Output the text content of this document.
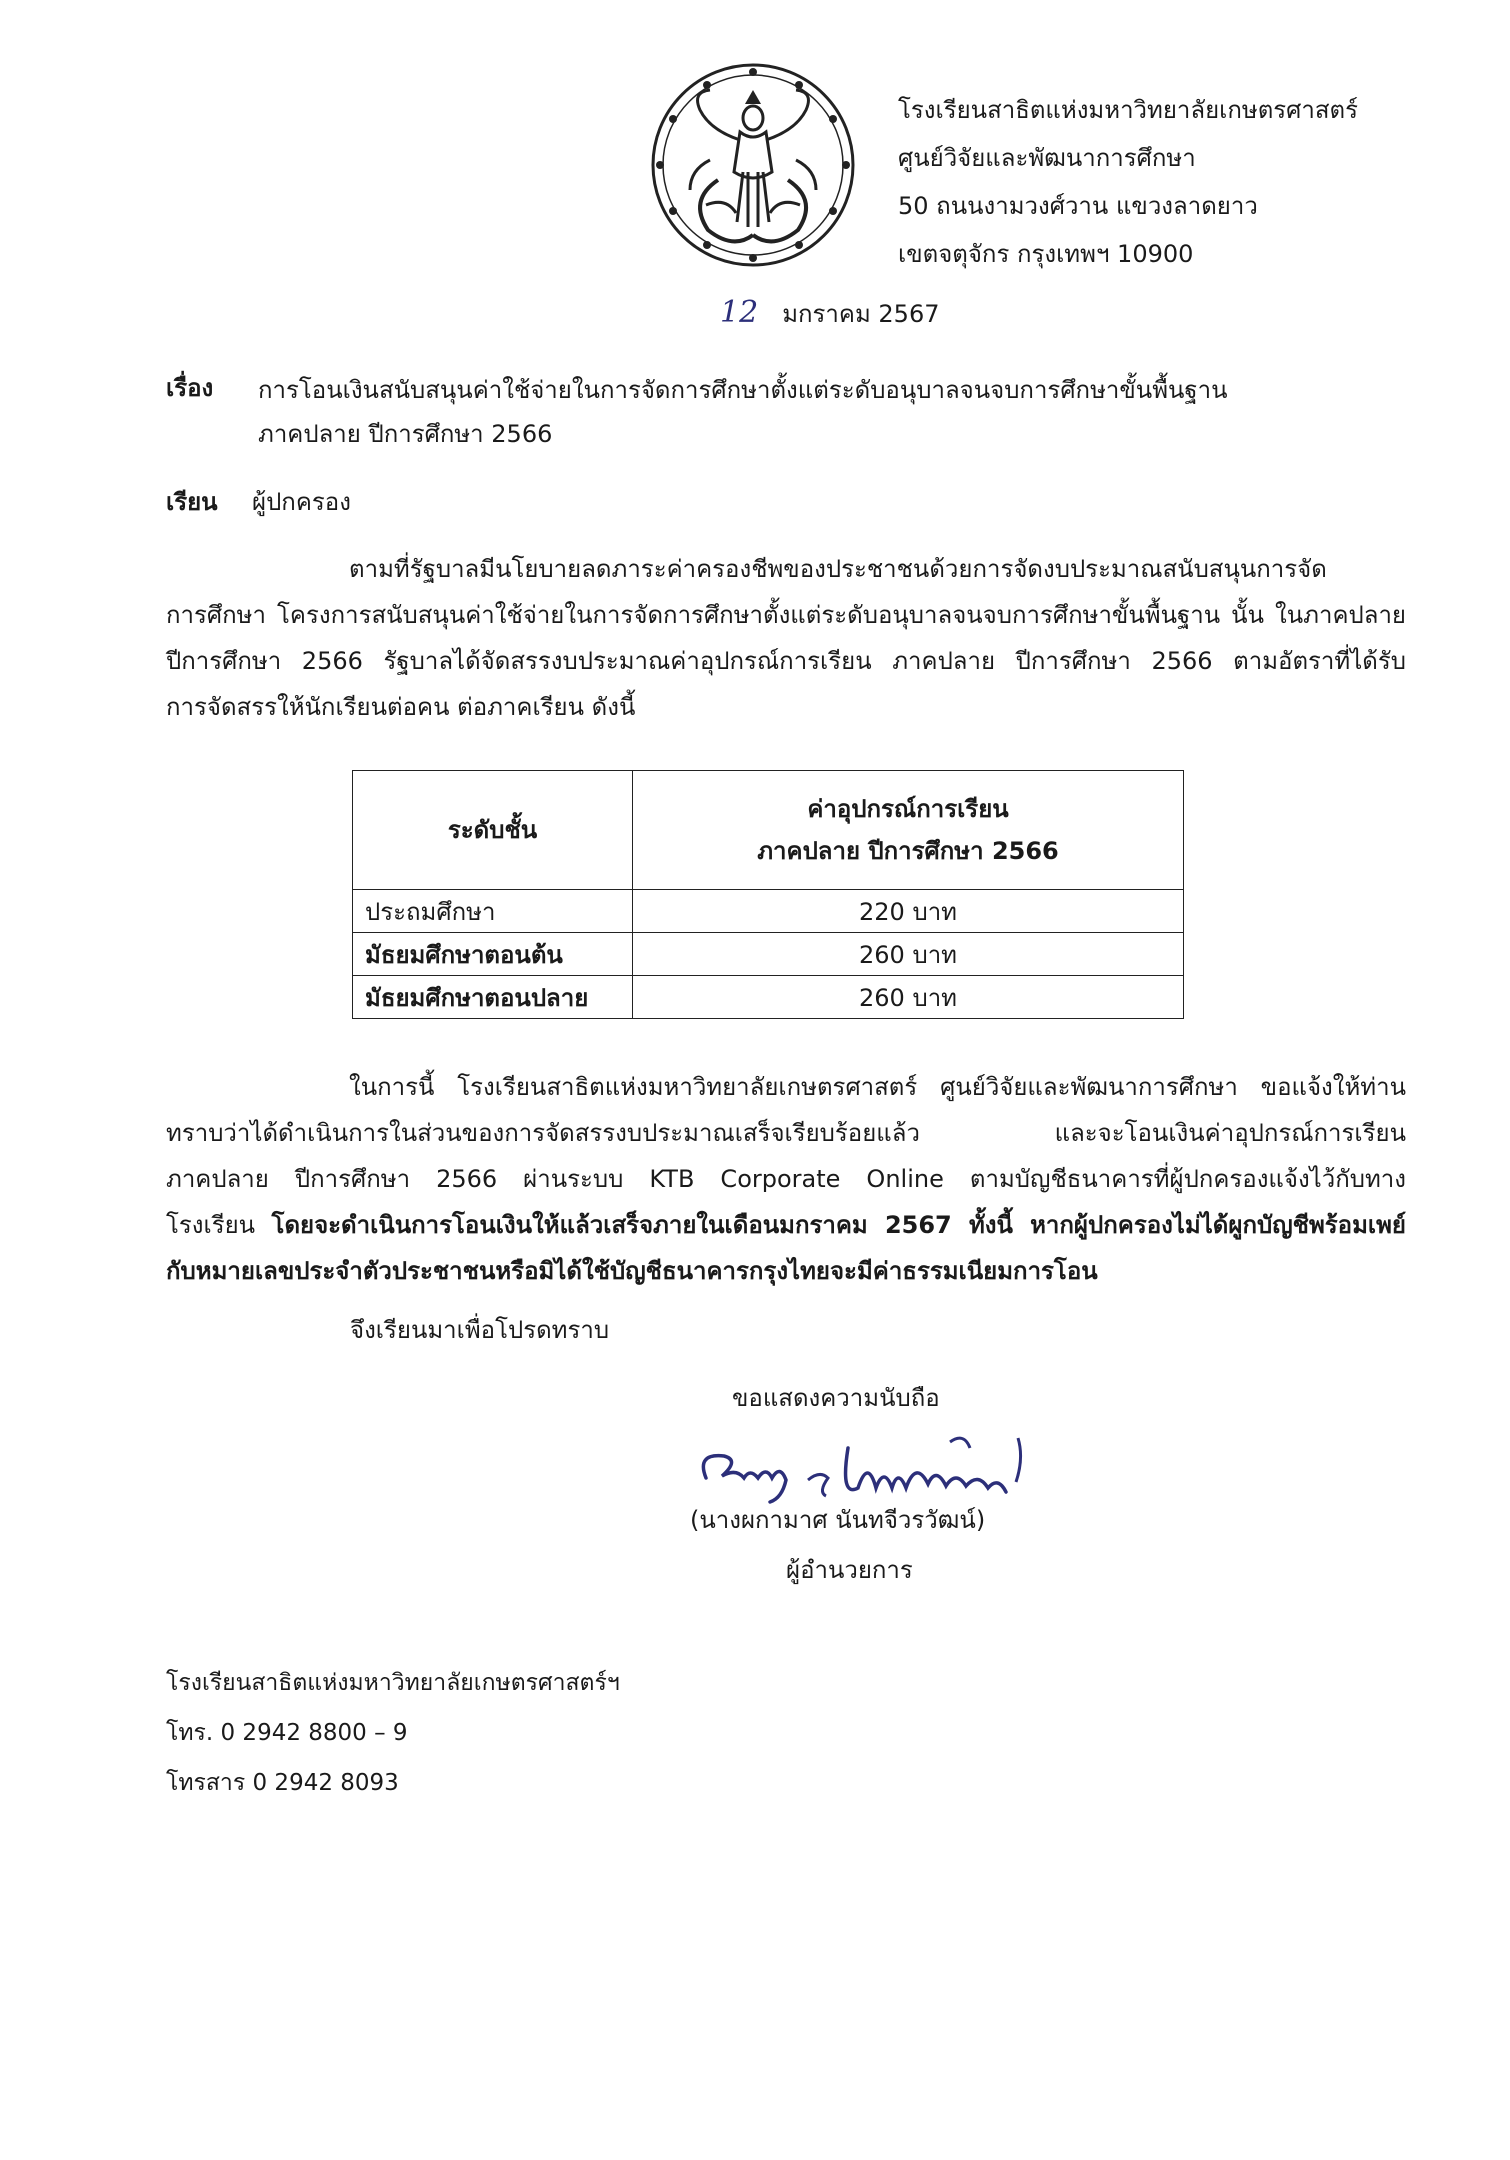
โรงเรียนสาธิตแห่งมหาวิทยาลัยเกษตรศาสตร์
ศูนย์วิจัยและพัฒนาการศึกษา
50 ถนนงามวงศ์วาน แขวงลาดยาว
เขตจตุจักร กรุงเทพฯ 10900
12 มกราคม 2567
เรื่อง การโอนเงินสนับสนุนค่าใช้จ่ายในการจัดการศึกษาตั้งแต่ระดับอนุบาลจนจบการศึกษาขั้นพื้นฐาน
ภาคปลาย ปีการศึกษา 2566
เรียน ผู้ปกครอง

ตามที่รัฐบาลมีนโยบายลดภาระค่าครองชีพของประชาชนด้วยการจัดงบประมาณสนับสนุนการจัด

การศึกษา โครงการสนับสนุนค่าใช้จ่ายในการจัดการศึกษาตั้งแต่ระดับอนุบาลจนจบการศึกษาขั้นพื้นฐาน นั้น ในภาคปลาย

ปีการศึกษา 2566 รัฐบาลได้จัดสรรงบประมาณค่าอุปกรณ์การเรียน ภาคปลาย ปีการศึกษา 2566 ตามอัตราที่ได้รับ

การจัดสรรให้นักเรียนต่อคน ต่อภาคเรียน ดังนี้

ระดับชั้น	ค่าอุปกรณ์การเรียน
ภาคปลาย ปีการศึกษา 2566

ประถมศึกษา	220 บาท
มัธยมศึกษาตอนต้น	260 บาท
มัธยมศึกษาตอนปลาย	260 บาท

ในการนี้ โรงเรียนสาธิตแห่งมหาวิทยาลัยเกษตรศาสตร์ ศูนย์วิจัยและพัฒนาการศึกษา ขอแจ้งให้ท่าน

ทราบว่าได้ดำเนินการในส่วนของการจัดสรรงบประมาณเสร็จเรียบร้อยแล้ว และจะโอนเงินค่าอุปกรณ์การเรียน

ภาคปลาย ปีการศึกษา 2566 ผ่านระบบ KTB Corporate Online ตามบัญชีธนาคารที่ผู้ปกครองแจ้งไว้กับทาง

โรงเรียน โดยจะดำเนินการโอนเงินให้แล้วเสร็จภายในเดือนมกราคม 2567 ทั้งนี้ หากผู้ปกครองไม่ได้ผูกบัญชีพร้อมเพย์

กับหมายเลขประจำตัวประชาชนหรือมิได้ใช้บัญชีธนาคารกรุงไทยจะมีค่าธรรมเนียมการโอน

จึงเรียนมาเพื่อโปรดทราบ
ขอแสดงความนับถือ
(นางผกามาศ นันทจีวรวัฒน์)
ผู้อำนวยการ
โรงเรียนสาธิตแห่งมหาวิทยาลัยเกษตรศาสตร์ฯ
โทร. 0 2942 8800 – 9
โทรสาร 0 2942 8093
